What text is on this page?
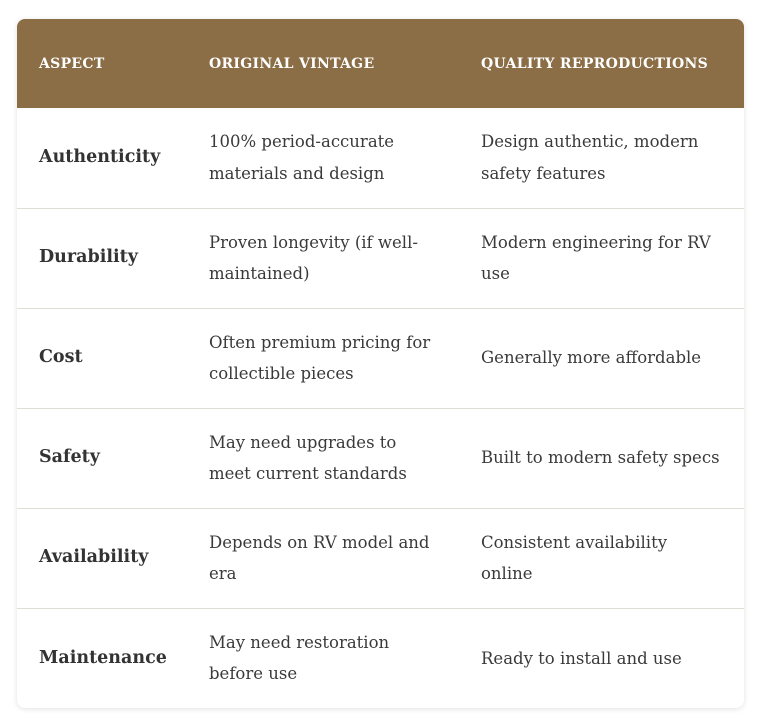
ASPECT	ORIGINAL VINTAGE	QUALITY REPRODUCTIONS
Authenticity	100% period-accurate materials and design	Design authentic, modern safety features
Durability	Proven longevity (if well-maintained)	Modern engineering for RV use
Cost	Often premium pricing for collectible pieces	Generally more affordable
Safety	May need upgrades to meet current standards	Built to modern safety specs
Availability	Depends on RV model and era	Consistent availability online
Maintenance	May need restoration before use	Ready to install and use
